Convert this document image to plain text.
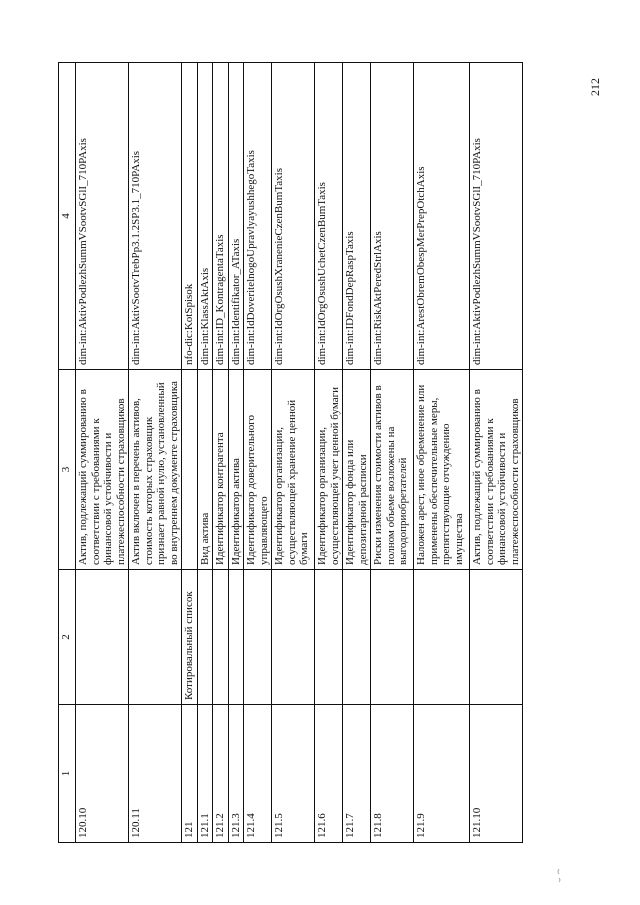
1	2	3	4
120.10		Актив, подлежащий суммированию в соответствии с требованиями к финансовой устойчивости и платежеспособности страховщиков	dim-int:AktivPodlezhSummVSootvSGlI_710PAxis
120.11		Актив включен в перечень активов, стоимость которых страховщик признает равной нулю, установленный во внутреннем документе страховщика	dim-int:AktivSootvTrebPp3.1.2SP3.1_710PAxis
121	Котировальный список		nfo-dic:KotSpisok
121.1		Вид актива	dim-int:KlassAktAxis
121.2		Идентификатор контрагента	dim-int:ID_KontragentaTaxis
121.3		Идентификатор актива	dim-int:Identifikator_ATaxis
121.4		Идентификатор доверительного управляющего	dim-int:IdDoveritelnogoUpravlyayushhegoTaxis
121.5		Идентификатор организации, осуществляющей хранение ценной бумаги	dim-int:IdOrgOsushXranenieCzenBumTaxis
121.6		Идентификатор организации, осуществляющей учет ценной бумаги	dim-int:IdOrgOsushUchetCzenBumTaxis
121.7		Идентификатор фонда или депозитарной расписки	dim-int:IDFondDepRaspTaxis
121.8		Риски изменения стоимости активов в полном объеме возложены на выгодоприобретателей	dim-int:RiskAktPeredStrlAxis
121.9		Наложен арест, иное обременение или применены обеспечительные меры, препятствующие отчуждению имущества	dim-int:ArestObremObespMerPrepOtchAxis
121.10		Актив, подлежащий суммированию в соответствии с требованиями к финансовой устойчивости и платежеспособности страховщиков	dim-int:AktivPodlezhSummVSootvSGlI_710PAxis
212
